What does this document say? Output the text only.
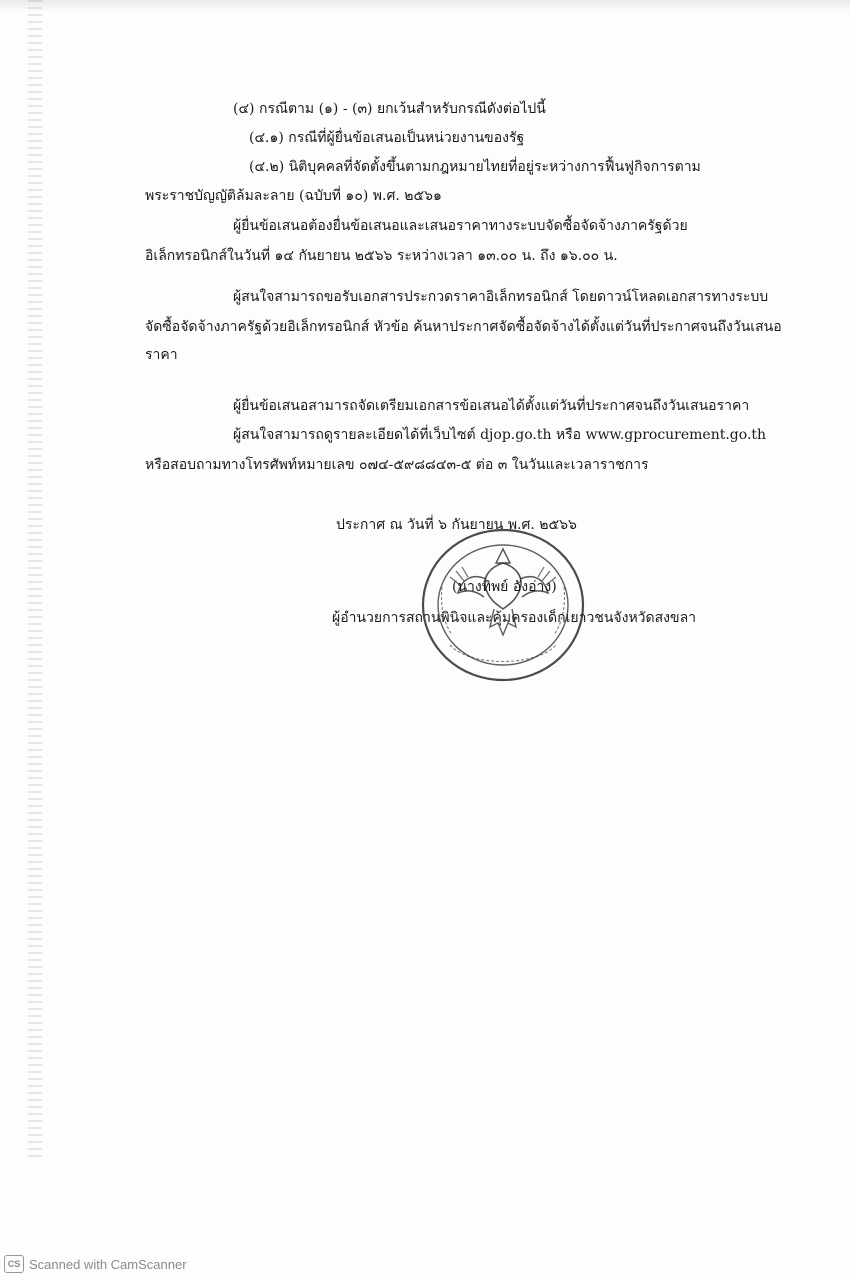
(๔) กรณีตาม (๑) - (๓) ยกเว้นสำหรับกรณีดังต่อไปนี้
(๔.๑) กรณีที่ผู้ยื่นข้อเสนอเป็นหน่วยงานของรัฐ
(๔.๒) นิติบุคคลที่จัดตั้งขึ้นตามกฎหมายไทยที่อยู่ระหว่างการฟื้นฟูกิจการตาม
พระราชบัญญัติล้มละลาย (ฉบับที่ ๑๐) พ.ศ. ๒๕๖๑
ผู้ยื่นข้อเสนอต้องยื่นข้อเสนอและเสนอราคาทางระบบจัดซื้อจัดจ้างภาครัฐด้วย
อิเล็กทรอนิกส์ในวันที่ ๑๔ กันยายน ๒๕๖๖ ระหว่างเวลา ๑๓.๐๐ น. ถึง ๑๖.๐๐ น.
ผู้สนใจสามารถขอรับเอกสารประกวดราคาอิเล็กทรอนิกส์ โดยดาวน์โหลดเอกสารทางระบบ
จัดซื้อจัดจ้างภาครัฐด้วยอิเล็กทรอนิกส์ หัวข้อ ค้นหาประกาศจัดซื้อจัดจ้างได้ตั้งแต่วันที่ประกาศจนถึงวันเสนอ
ราคา
ผู้ยื่นข้อเสนอสามารถจัดเตรียมเอกสารข้อเสนอได้ตั้งแต่วันที่ประกาศจนถึงวันเสนอราคา
ผู้สนใจสามารถดูรายละเอียดได้ที่เว็บไซต์ djop.go.th หรือ www.gprocurement.go.th
หรือสอบถามทางโทรศัพท์หมายเลข ๐๗๔-๕๙๘๘๔๓-๕ ต่อ ๓ ในวันและเวลาราชการ
ประกาศ ณ วันที่ ๖ กันยายน พ.ศ. ๒๕๖๖
(นางทิพย์ อังอ่าง)
ผู้อำนวยการสถานพินิจและคุ้มครองเด็กเยาวชนจังหวัดสงขลา
CS Scanned with CamScanner
